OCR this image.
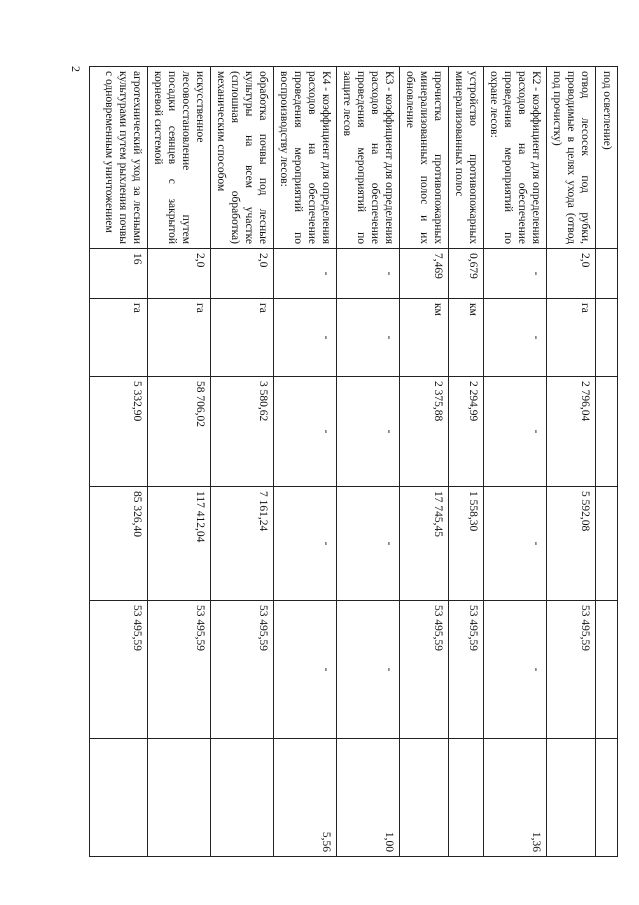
2
под осветление)						
отвод лесосек под рубки, проводимые в целях ухода (отвод под прочистку)	2,0	га	2 796,04	5 592,08	53 495,59	
К2 - коэффициент для определения расходов на обеспечение проведения мероприятий по охране лесов:	-	-	-	-	-	1,36
устройство противопожарных минерализованных полос	0,679	км	2 294,99	1 558,30	53 495,59	
прочистка противопожарных минерализованных полос и их обновление	7,469	км	2 375,88	17 745,45	53 495,59	
К3 - коэффициент для определения расходов на обеспечение проведения мероприятий по защите лесов	-	-	-	-	-	1,00
К4 - коэффициент для определения расходов на обеспечение проведения мероприятий по воспроизводству лесов:	-	-	-	-	-	5,56
обработка почвы под лесные культуры на всем участке (сплошная обработка) механическим способом	2,0	га	3 580,62	7 161,24	53 495,59	
искусственное лесовосстановление путем посадки сеянцев с закрытой корневой системой	2,0	га	58 706,02	117 412,04	53 495,59	
агротехнический уход за лесными культурами путем рыхления почвы с одновременным уничтожением	16	га	5 332,90	85 326,40	53 495,59	
